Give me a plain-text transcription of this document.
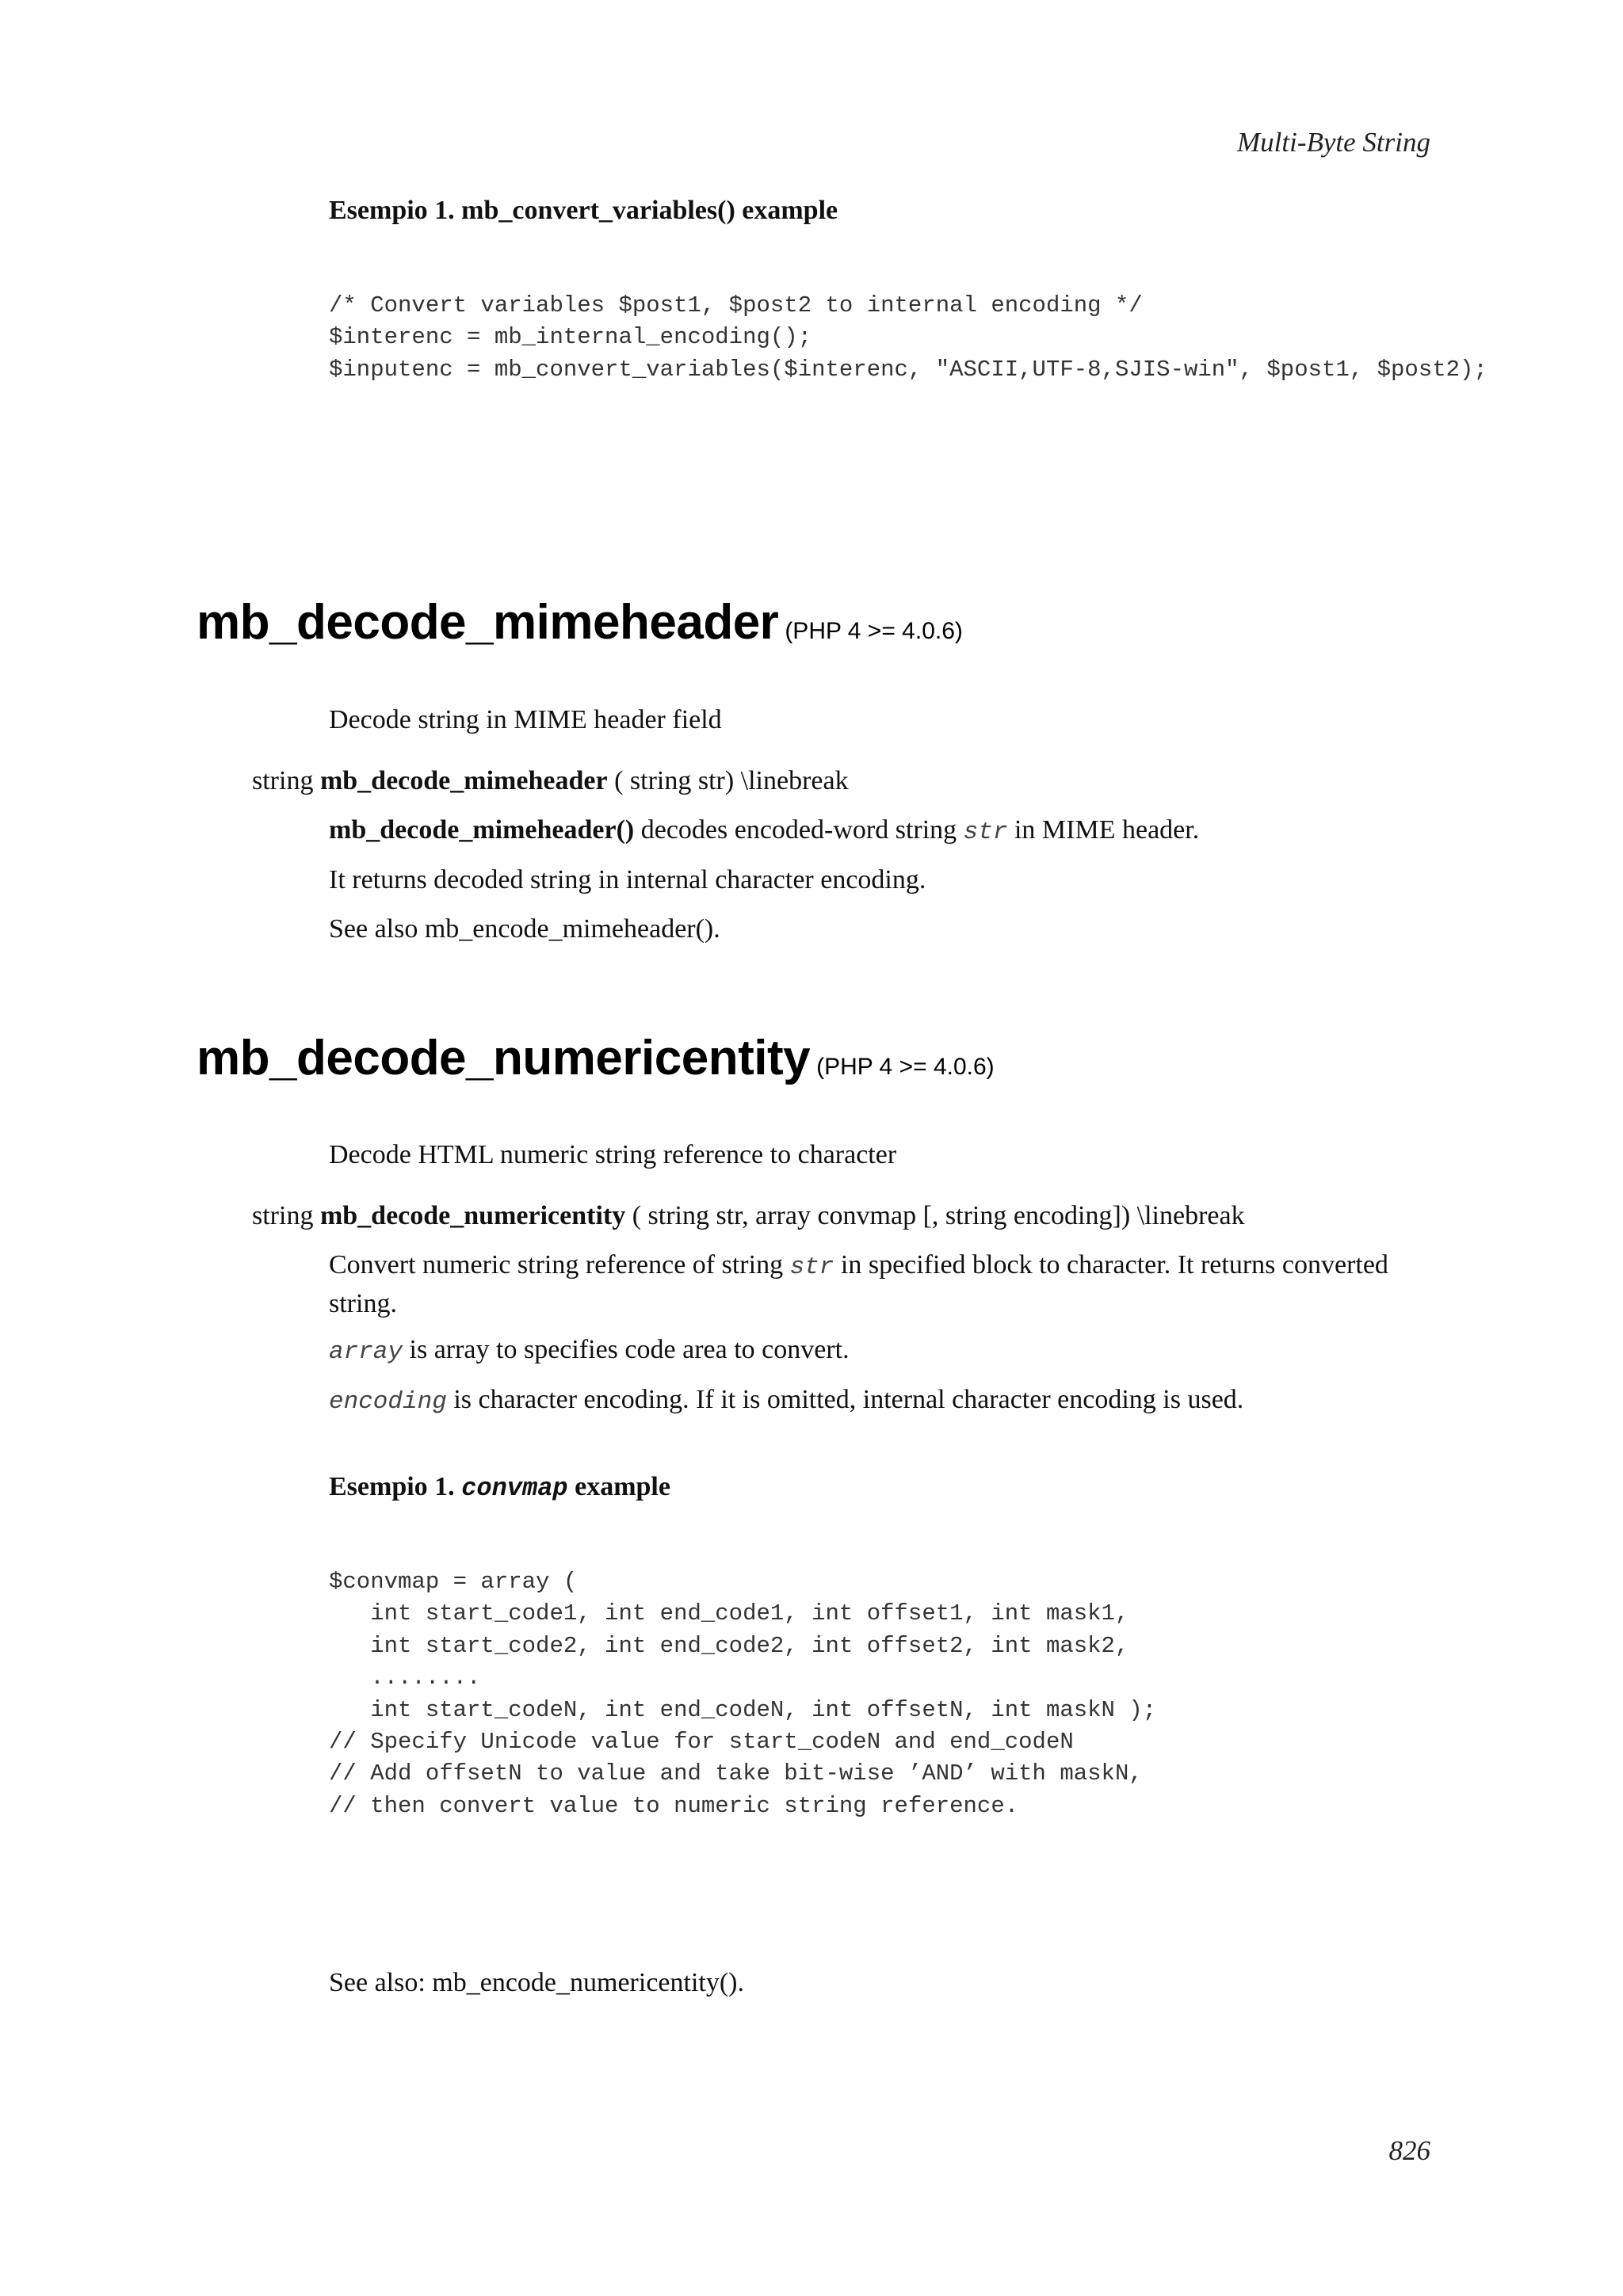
Multi-Byte String
Esempio 1. mb_convert_variables() example
/* Convert variables $post1, $post2 to internal encoding */
$interenc = mb_internal_encoding();
$inputenc = mb_convert_variables($interenc, "ASCII,UTF-8,SJIS-win", $post1, $post2);
mb_decode_mimeheader (PHP 4 >= 4.0.6)
Decode string in MIME header field
string mb_decode_mimeheader ( string str) \linebreak
mb_decode_mimeheader() decodes encoded-word string str in MIME header.
It returns decoded string in internal character encoding.
See also mb_encode_mimeheader().
mb_decode_numericentity (PHP 4 >= 4.0.6)
Decode HTML numeric string reference to character
string mb_decode_numericentity ( string str, array convmap [, string encoding]) \linebreak
Convert numeric string reference of string str in specified block to character. It returns converted
string.
array is array to specifies code area to convert.
encoding is character encoding. If it is omitted, internal character encoding is used.
Esempio 1. convmap example
$convmap = array (
int start_code1, int end_code1, int offset1, int mask1,
int start_code2, int end_code2, int offset2, int mask2,
........
int start_codeN, int end_codeN, int offsetN, int maskN );
// Specify Unicode value for start_codeN and end_codeN
// Add offsetN to value and take bit-wise ’AND’ with maskN,
// then convert value to numeric string reference.
See also: mb_encode_numericentity().
826
